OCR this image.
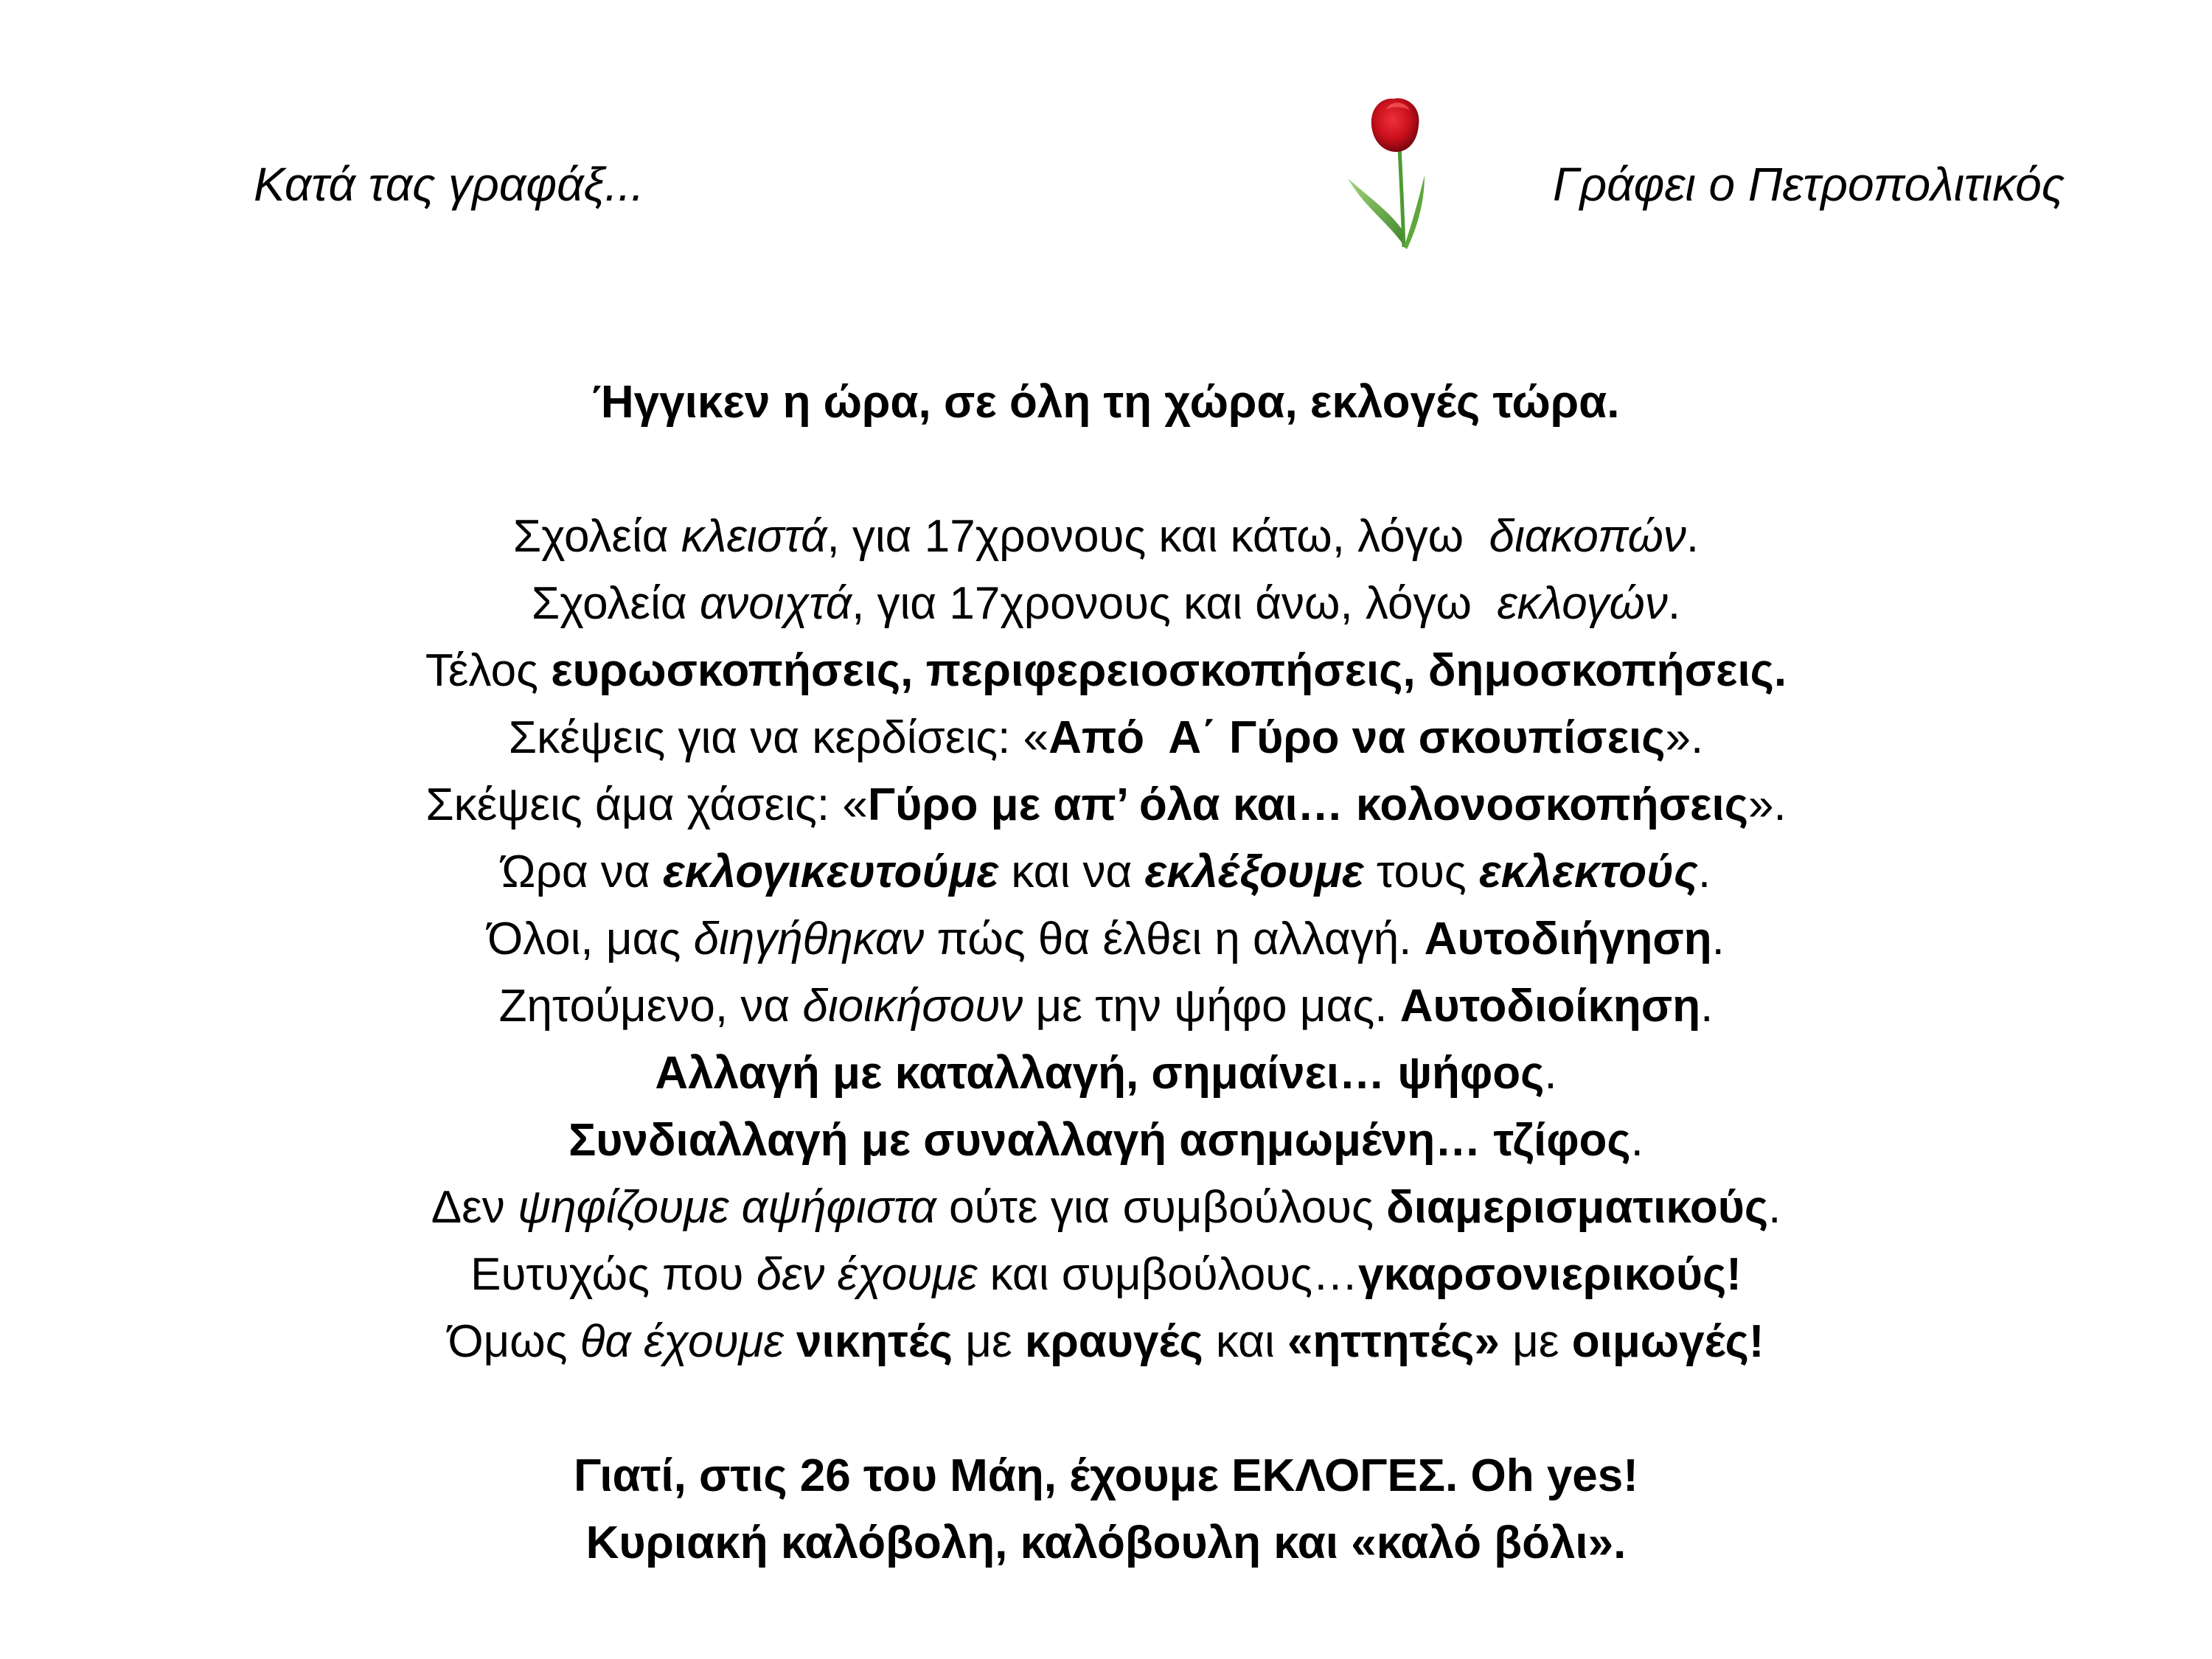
Κατά τας γραφάξ...	Γράφει ο Πετροπολιτικός
Ήγγικεν η ώρα, σε όλη τη χώρα, εκλογές τώρα.
Σχολεία κλειστά, για 17χρονους και κάτω, λόγω  διακοπών.
Σχολεία ανοιχτά, για 17χρονους και άνω, λόγω  εκλογών.
Τέλος ευρωσκοπήσεις, περιφερειοσκοπήσεις, δημοσκοπήσεις.
Σκέψεις για να κερδίσεις: «Από  Α΄ Γύρο να σκουπίσεις».
Σκέψεις άμα χάσεις: «Γύρο με απ’ όλα και… κολονοσκοπήσεις».
Ώρα να εκλογικευτούμε και να εκλέξουμε τους εκλεκτούς.
Όλοι, μας διηγήθηκαν πώς θα έλθει η αλλαγή. Αυτοδιήγηση.
Ζητούμενο, να διοικήσουν με την ψήφο μας. Αυτοδιοίκηση.
Αλλαγή με καταλλαγή, σημαίνει… ψήφος.
Συνδιαλλαγή με συναλλαγή ασημωμένη… τζίφος.
Δεν ψηφίζουμε αψήφιστα ούτε για συμβούλους διαμερισματικούς.
Ευτυχώς που δεν έχουμε και συμβούλους…γκαρσονιερικούς!
Όμως θα έχουμε νικητές με κραυγές και «ηττητές» με οιμωγές!
Γιατί, στις 26 του Μάη, έχουμε ΕΚΛΟΓΕΣ. Oh yes!
Κυριακή καλόβολη, καλόβουλη και «καλό βόλι».
